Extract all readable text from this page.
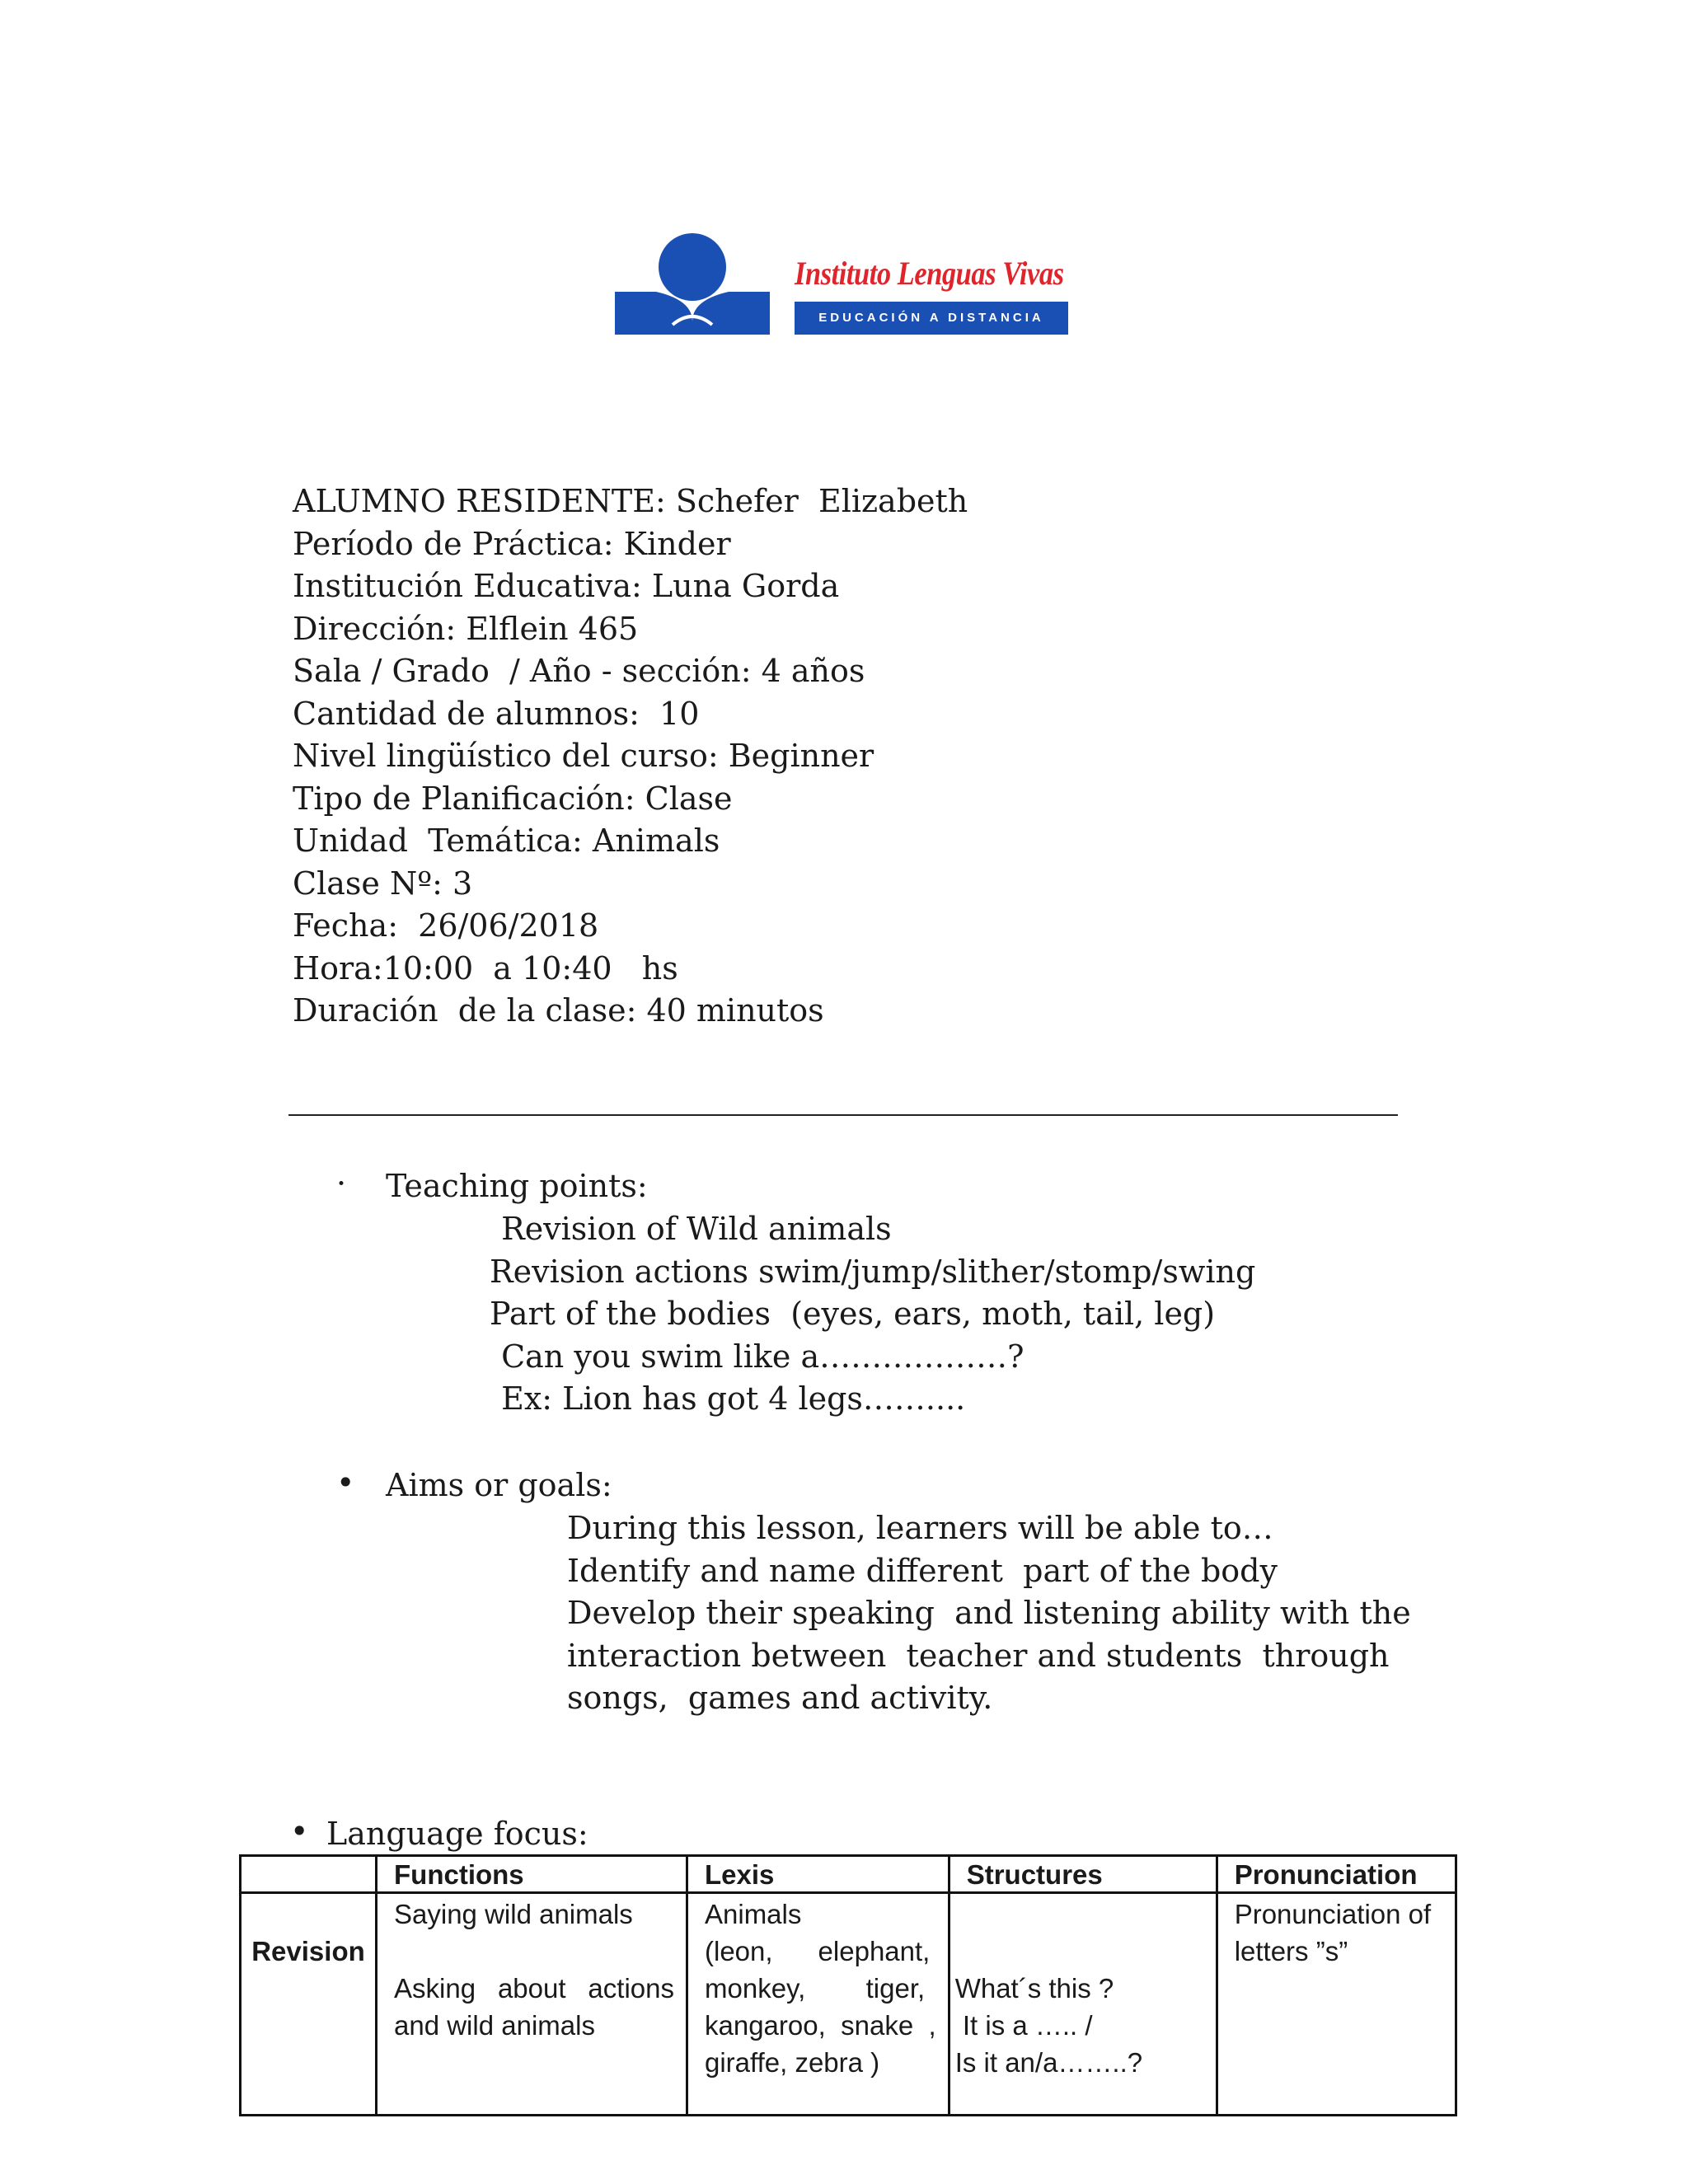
Instituto Lenguas Vivas
EDUCACIÓN A DISTANCIA
ALUMNO RESIDENTE: Schefer  Elizabeth
Período de Práctica: Kinder
Institución Educativa: Luna Gorda
Dirección: Elflein 465
Sala / Grado  / Año - sección: 4 años
Cantidad de alumnos:  10
Nivel lingüístico del curso: Beginner
Tipo de Planificación: Clase
Unidad  Temática: Animals
Clase Nº: 3
Fecha:  26/06/2018
Hora:10:00  a 10:40   hs
Duración  de la clase: 40 minutos
· Teaching points:
Revision of Wild animals
Revision actions swim/jump/slither/stomp/swing
Part of the bodies  (eyes, ears, moth, tail, leg)
Can you swim like a………………?
Ex: Lion has got 4 legs……....
• Aims or goals:
During this lesson, learners will be able to…
Identify and name different  part of the body
Develop their speaking  and listening ability with the
interaction between  teacher and students  through
songs,  games and activity.
• Language focus:
	Functions	Lexis	Structures	Pronunciation
Revision	Saying wild animals
Asking about actions
and wild animals	Animals
(leon,      elephant,
monkey,        tiger,
kangaroo,  snake  ,
giraffe, zebra )	What´s this ?
It is a ….. /
Is it an/a……..?	Pronunciation of
letters ”s”
